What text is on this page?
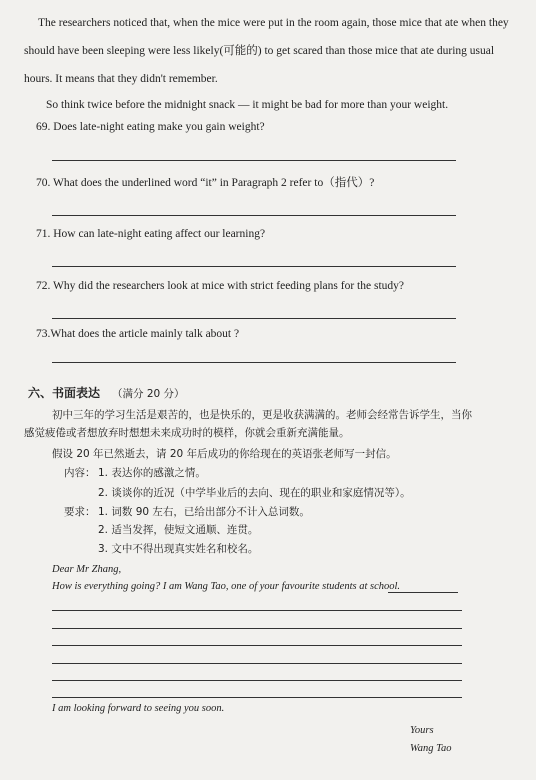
The researchers noticed that, when the mice were put in the room again, those mice that ate when they
should have been sleeping were less likely(可能的) to get scared than those mice that ate during usual
hours. It means that they didn't remember.
So think twice before the midnight snack — it might be bad for more than your weight.
69. Does late-night eating make you gain weight?
70. What does the underlined word “it” in Paragraph 2 refer to（指代）?
71. How can late-night eating affect our learning?
72. Why did the researchers look at mice with strict feeding plans for the study?
73.What does the article mainly talk about ?
六、书面表达 （满分 20 分）
初中三年的学习生活是艰苦的，也是快乐的，更是收获满满的。老师会经常告诉学生，当你
感觉疲倦或者想放弃时想想未来成功时的模样，你就会重新充满能量。
假设 20 年已然逝去，请 20 年后成功的你给现在的英语张老师写一封信。
内容： 1. 表达你的感激之情。
2. 谈谈你的近况（中学毕业后的去向、现在的职业和家庭情况等）。
要求： 1. 词数 90 左右，已给出部分不计入总词数。
2. 适当发挥，使短文通顺、连贯。
3. 文中不得出现真实姓名和校名。
Dear Mr Zhang,
How is everything going? I am Wang Tao, one of your favourite students at school.
I am looking forward to seeing you soon.
Yours
Wang Tao
